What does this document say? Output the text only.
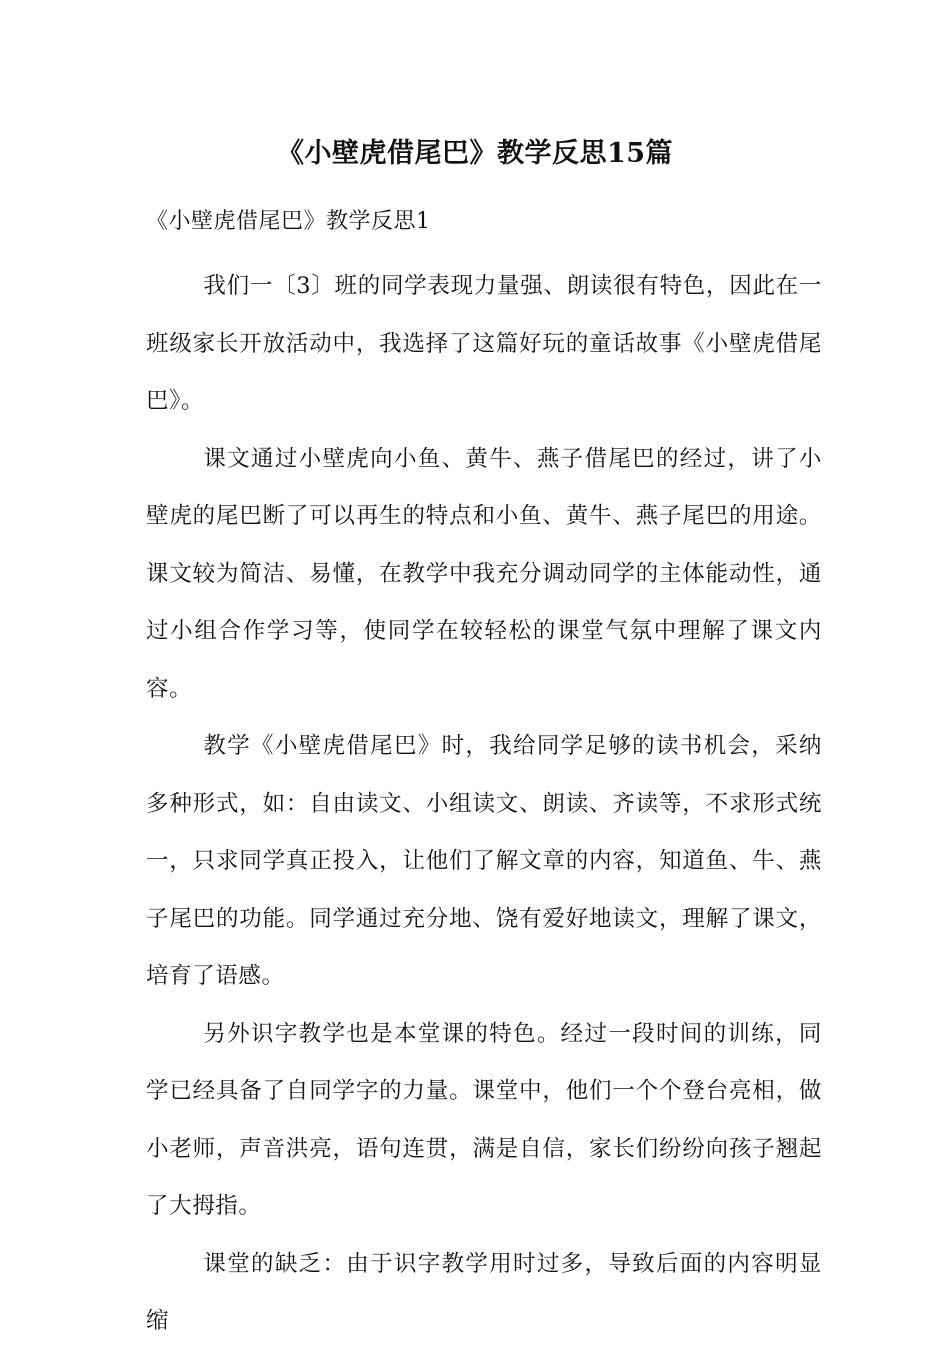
《小壁虎借尾巴》教学反思15篇
《小壁虎借尾巴》教学反思1

我们一〔3〕班的同学表现力量强、朗读很有特色，因此在一班级家长开放活动中，我选择了这篇好玩的童话故事《小壁虎借尾巴》。

课文通过小壁虎向小鱼、黄牛、燕子借尾巴的经过，讲了小壁虎的尾巴断了可以再生的特点和小鱼、黄牛、燕子尾巴的用途。课文较为简洁、易懂，在教学中我充分调动同学的主体能动性，通过小组合作学习等，使同学在较轻松的课堂气氛中理解了课文内容。

教学《小壁虎借尾巴》时，我给同学足够的读书机会，采纳多种形式，如：自由读文、小组读文、朗读、齐读等，不求形式统一，只求同学真正投入，让他们了解文章的内容，知道鱼、牛、燕子尾巴的功能。同学通过充分地、饶有爱好地读文，理解了课文，培育了语感。

另外识字教学也是本堂课的特色。经过一段时间的训练，同学已经具备了自同学字的力量。课堂中，他们一个个登台亮相，做小老师，声音洪亮，语句连贯，满是自信，家长们纷纷向孩子翘起了大拇指。

课堂的缺乏：由于识字教学用时过多，导致后面的内容明显缩
